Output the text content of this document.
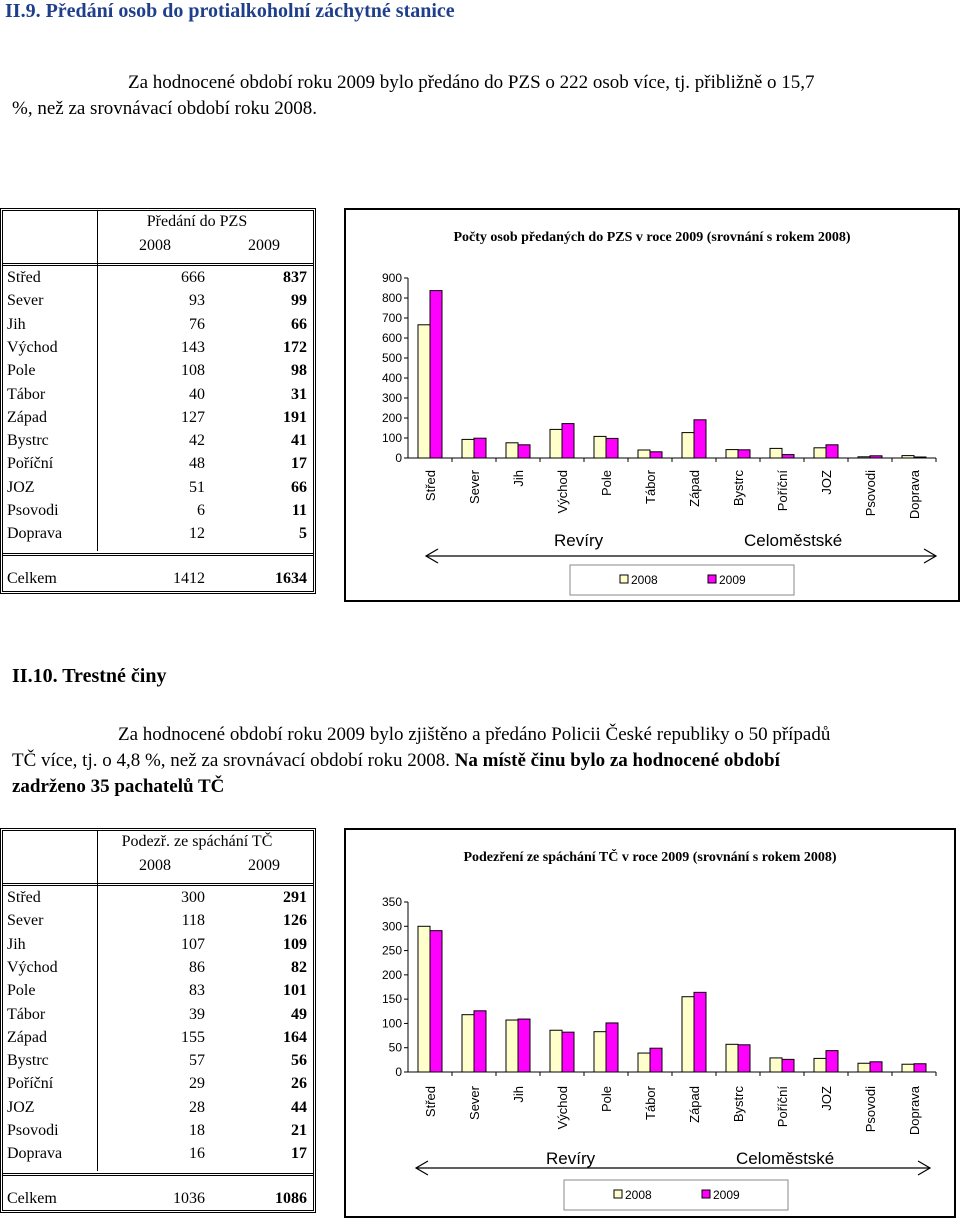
II.9. Předání osob do protialkoholní záchytné stanice
Za hodnocené období roku 2009 bylo předáno do PZS o 222 osob více, tj. přibližně o 15,7
%, než za srovnávací období roku 2008.
Předání do PZS
2008	2009
Střed	666	837
Sever	93	99
Jih	76	66
Východ	143	172
Pole	108	98
Tábor	40	31
Západ	127	191
Bystrc	42	41
Poříční	48	17
JOZ	51	66
Psovodi	6	11
Doprava	12	5
Celkem	1412	1634
Počty osob předaných do PZS v roce 2009 (srovnání s rokem 2008)
0
100
200
300
400
500
600
700
800
900
Střed Sever Jih Východ Pole Tábor Západ Bystrc Poříční JOZ Psovodi Doprava
Revíry	Celoměstské
2008	2009
II.10. Trestné činy
Za hodnocené období roku 2009 bylo zjištěno a předáno Policii České republiky o 50 případů
TČ více, tj. o 4,8 %, než za srovnávací období roku 2008. Na místě činu bylo za hodnocené období
zadrženo 35 pachatelů TČ
Podezř. ze spáchání TČ
2008	2009
Střed	300	291
Sever	118	126
Jih	107	109
Východ	86	82
Pole	83	101
Tábor	39	49
Západ	155	164
Bystrc	57	56
Poříční	29	26
JOZ	28	44
Psovodi	18	21
Doprava	16	17
Celkem	1036	1086
Podezření ze spáchání TČ v roce 2009 (srovnání s rokem 2008)
0
50
100
150
200
250
300
350
Střed Sever Jih Východ Pole Tábor Západ Bystrc Poříční JOZ Psovodi Doprava
Revíry	Celoměstské
2008	2009
